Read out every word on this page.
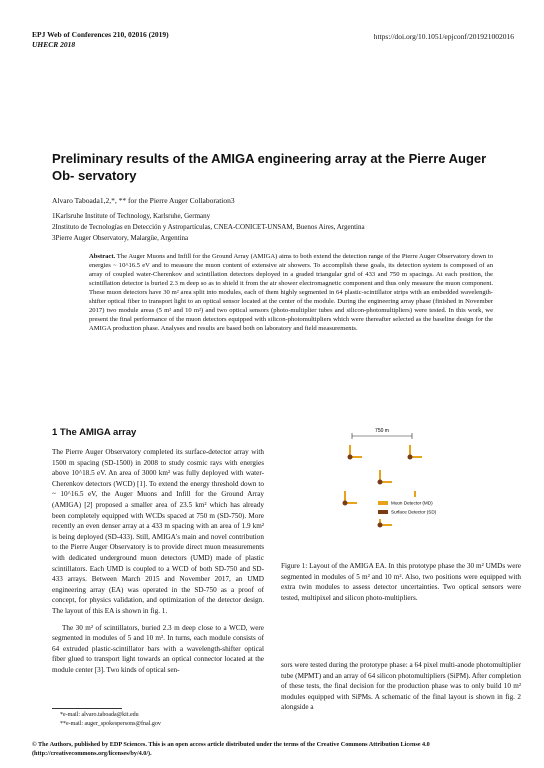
EPJ Web of Conferences 210, 02016 (2019)
UHECR 2018
https://doi.org/10.1051/epjconf/201921002016
Preliminary results of the AMIGA engineering array at the Pierre Auger Ob- servatory
Alvaro Taboada1,2,*, ** for the Pierre Auger Collaboration3
1Karlsruhe Institute of Technology, Karlsruhe, Germany
2Instituto de Tecnologías en Detección y Astropartículas, CNEA-CONICET-UNSAM, Buenos Aires, Argentina
3Pierre Auger Observatory, Malargüe, Argentina
Abstract. The Auger Muons and Infill for the Ground Array (AMIGA) aims to both extend the detection range of the Pierre Auger Observatory down to energies ~ 10^16.5 eV and to measure the muon content of extensive air showers. To accomplish these goals, its detection system is composed of an array of coupled water-Cherenkov and scintillation detectors deployed in a graded triangular grid of 433 and 750 m spacings. At each position, the scintillation detector is buried 2.3 m deep so as to shield it from the air shower electromagnetic component and thus only measure the muon component. These muon detectors have 30 m² area split into modules, each of them highly segmented in 64 plastic-scintillator strips with an embedded wavelength-shifter optical fiber to transport light to an optical sensor located at the center of the module. During the engineering array phase (finished in November 2017) two module areas (5 m² and 10 m²) and two optical sensors (photo-multiplier tubes and silicon-photomultipliers) were tested. In this work, we present the final performance of the muon detectors equipped with silicon-photomultipliers which were thereafter selected as the baseline design for the AMIGA production phase. Analyses and results are based both on laboratory and field measurements.
1 The AMIGA array

The Pierre Auger Observatory completed its surface-detector array with 1500 m spacing (SD-1500) in 2008 to study cosmic rays with energies above 10^18.5 eV. An area of 3000 km² was fully deployed with water-Cherenkov detectors (WCD) [1]. To extend the energy threshold down to ~ 10^16.5 eV, the Auger Muons and Infill for the Ground Array (AMIGA) [2] proposed a smaller area of 23.5 km² which has already been completely equipped with WCDs spaced at 750 m (SD-750). More recently an even denser array at a 433 m spacing with an area of 1.9 km² is being deployed (SD-433). Still, AMIGA's main and novel contribution to the Pierre Auger Observatory is to provide direct muon measurements with dedicated underground muon detectors (UMD) made of plastic scintillators. Each UMD is coupled to a WCD of both SD-750 and SD-433 arrays. Between March 2015 and November 2017, an UMD engineering array (EA) was operated in the SD-750 as a proof of concept, for physics validation, and optimization of the detector design. The layout of this EA is shown in fig. 1.

The 30 m² of scintillators, buried 2.3 m deep close to a WCD, were segmented in modules of 5 and 10 m². In turns, each module consists of 64 extruded plastic-scintillator bars with a wavelength-shifter optical fiber glued to transport light towards an optical connector located at the module center [3]. Two kinds of optical sen-

*e-mail: alvaro.taboada@kit.edu
**e-mail: auger_spokespersons@fnal.gov
750 m
Muon Detector (MD)
Surface Detector (SD)
Figure 1: Layout of the AMIGA EA. In this prototype phase the 30 m² UMDs were segmented in modules of 5 m² and 10 m². Also, two positions were equipped with extra twin modules to assess detector uncertainties. Two optical sensors were tested, multipixel and silicon photo-multipliers.

sors were tested during the prototype phase: a 64 pixel multi-anode photomultiplier tube (MPMT) and an array of 64 silicon photomultipliers (SiPM). After completion of these tests, the final decision for the production phase was to only build 10 m² modules equipped with SiPMs. A schematic of the final layout is shown in fig. 2 alongside a

© The Authors, published by EDP Sciences. This is an open access article distributed under the terms of the Creative Commons Attribution License 4.0 (http://creativecommons.org/licenses/by/4.0/).
